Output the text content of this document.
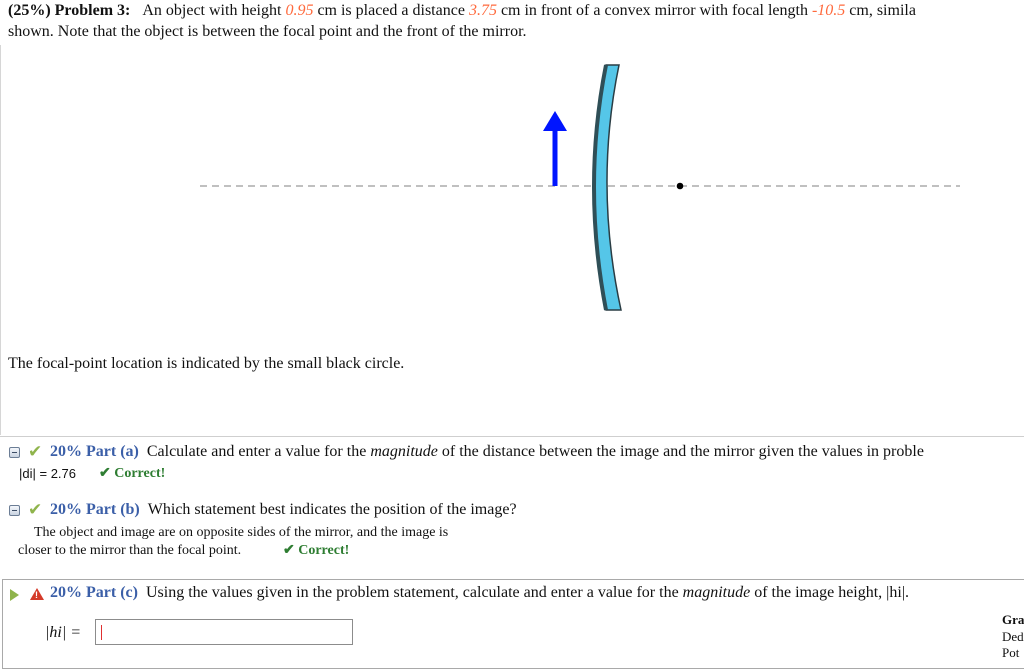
(25%) Problem 3: An object with height 0.95 cm is placed a distance 3.75 cm in front of a convex mirror with focal length -10.5 cm, simila
shown. Note that the object is between the focal point and the front of the mirror.
The focal-point location is indicated by the small black circle.
✔ 20% Part (a) Calculate and enter a value for the magnitude of the distance between the image and the mirror given the values in proble
|di| = 2.76 ✔ Correct!
✔ 20% Part (b) Which statement best indicates the position of the image?
The object and image are on opposite sides of the mirror, and the image is
closer to the mirror than the focal point.	✔ Correct!
! 20% Part (c) Using the values given in the problem statement, calculate and enter a value for the magnitude of the image height, |hi|.
|hi| =
Gra
Ded
Pot
